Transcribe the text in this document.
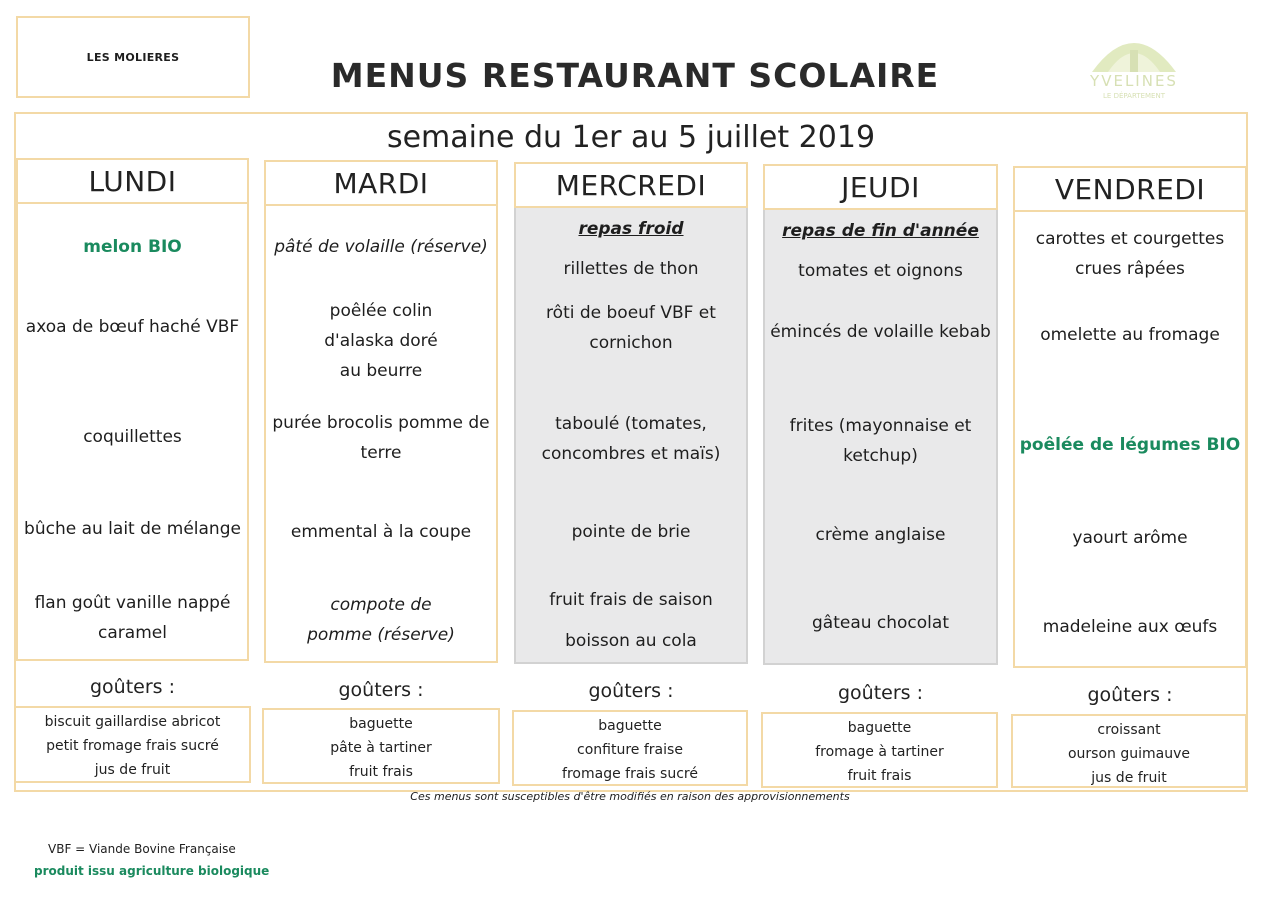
LES MOLIERES	MENUS RESTAURANT SCOLAIRE	YVELINES
LE DÉPARTEMENT
semaine du 1er au 5 juillet 2019
LUNDI
melon BIO
axoa de bœuf haché VBF
coquillettes
bûche au lait de mélange
flan goût vanille nappé caramel
goûters :
biscuit gaillardise abricot
petit fromage frais sucré
jus de fruit
MARDI
pâté de volaille (réserve)
poêlée colin d'alaska doré au beurre
purée brocolis pomme de terre
emmental à la coupe
compote de pomme (réserve)
goûters :
baguette
pâte à tartiner
fruit frais
MERCREDI
repas froid
rillettes de thon
rôti de boeuf VBF et cornichon
taboulé (tomates, concombres et maïs)
pointe de brie
fruit frais de saison
boisson au cola
goûters :
baguette
confiture fraise
fromage frais sucré
JEUDI
repas de fin d'année
tomates et oignons
émincés de volaille kebab
frites (mayonnaise et ketchup)
crème anglaise
gâteau chocolat
goûters :
baguette
fromage à tartiner
fruit frais
VENDREDI
carottes et courgettes crues râpées
omelette au fromage
poêlée de légumes BIO
yaourt arôme
madeleine aux œufs
goûters :
croissant
ourson guimauve
jus de fruit
Ces menus sont susceptibles d'être modifiés en raison des approvisionnements
VBF = Viande Bovine Française
produit issu agriculture biologique
